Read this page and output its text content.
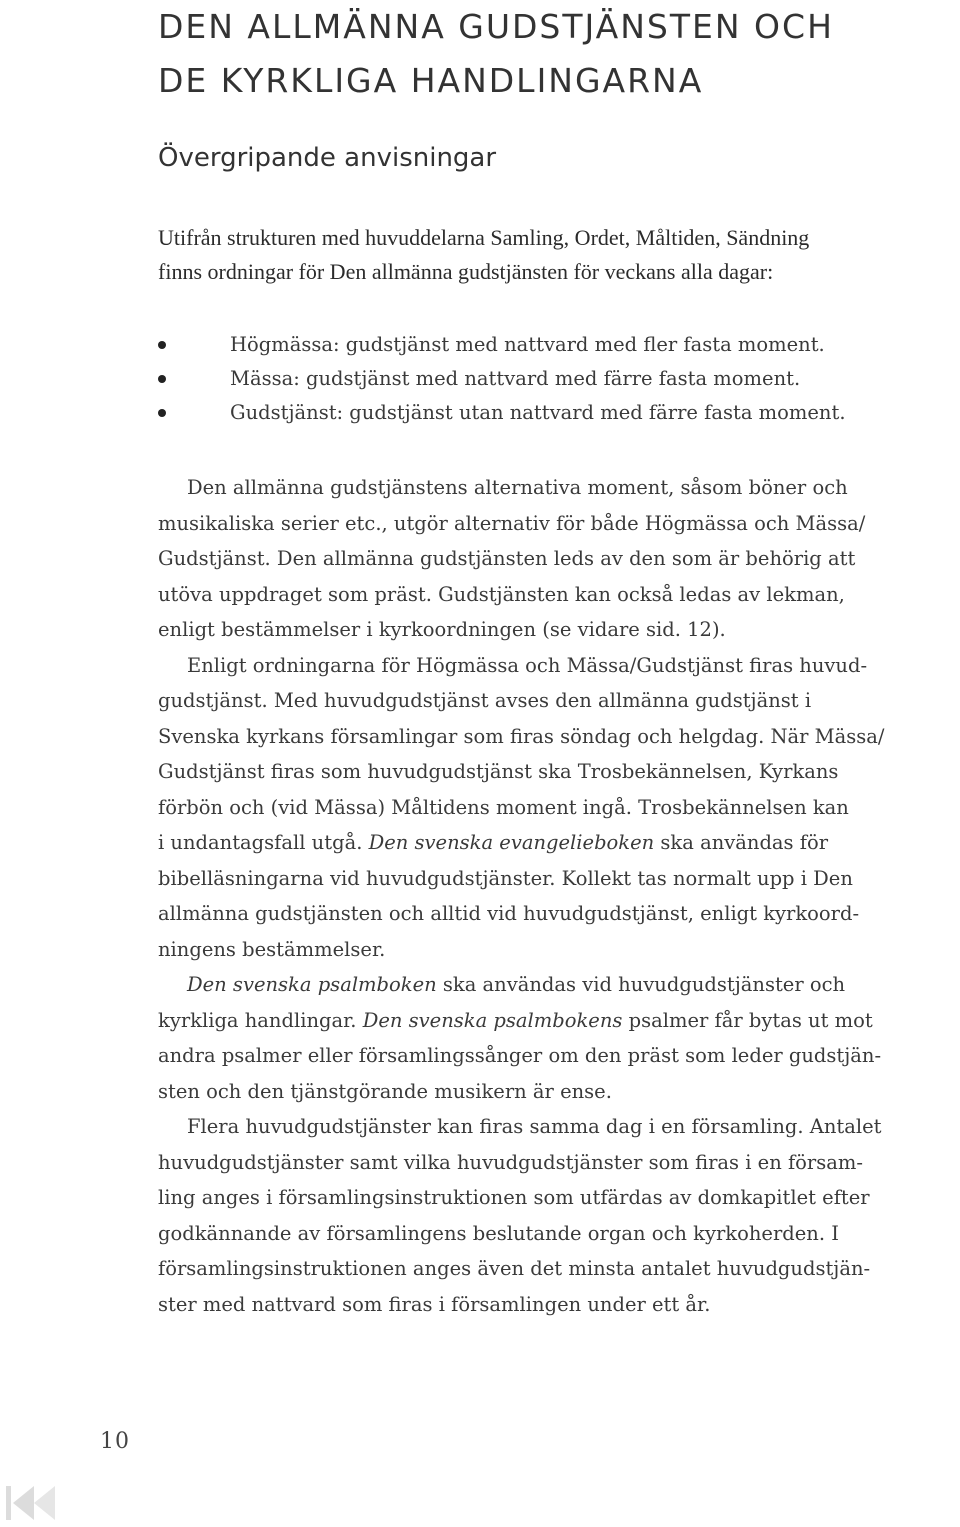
DEN ALLMÄNNA GUDSTJÄNSTEN OCH
DE KYRKLIGA HANDLINGARNA
Övergripande anvisningar

Utifrån strukturen med huvuddelarna Samling, Ordet, Måltiden, Sändning
finns ordningar för Den allmänna gudstjänsten för veckans alla dagar:

Högmässa: gudstjänst med nattvard med fler fasta moment.
Mässa: gudstjänst med nattvard med färre fasta moment.
Gudstjänst: gudstjänst utan nattvard med färre fasta moment.

Den allmänna gudstjänstens alternativa moment, såsom böner och
musikaliska serier etc., utgör alternativ för både Högmässa och Mässa/
Gudstjänst. Den allmänna gudstjänsten leds av den som är behörig att
utöva uppdraget som präst. Gudstjänsten kan också ledas av lekman,
enligt bestämmelser i kyrkoordningen (se vidare sid. 12).

Enligt ordningarna för Högmässa och Mässa/Gudstjänst firas huvud-
gudstjänst. Med huvudgudstjänst avses den allmänna gudstjänst i
Svenska kyrkans församlingar som firas söndag och helgdag. När Mässa/
Gudstjänst firas som huvudgudstjänst ska Trosbekännelsen, Kyrkans
förbön och (vid Mässa) Måltidens moment ingå. Trosbekännelsen kan
i undantagsfall utgå. Den svenska evangelieboken ska användas för
bibelläsningarna vid huvudgudstjänster. Kollekt tas normalt upp i Den
allmänna gudstjänsten och alltid vid huvudgudstjänst, enligt kyrkoord-
ningens bestämmelser.

Den svenska psalmboken ska användas vid huvudgudstjänster och
kyrkliga handlingar. Den svenska psalmbokens psalmer får bytas ut mot
andra psalmer eller församlingssånger om den präst som leder gudstjän-
sten och den tjänstgörande musikern är ense.

Flera huvudgudstjänster kan firas samma dag i en församling. Antalet
huvudgudstjänster samt vilka huvudgudstjänster som firas i en försam-
ling anges i församlingsinstruktionen som utfärdas av domkapitlet efter
godkännande av församlingens beslutande organ och kyrkoherden. I
församlingsinstruktionen anges även det minsta antalet huvudgudstjän-
ster med nattvard som firas i församlingen under ett år.

10
